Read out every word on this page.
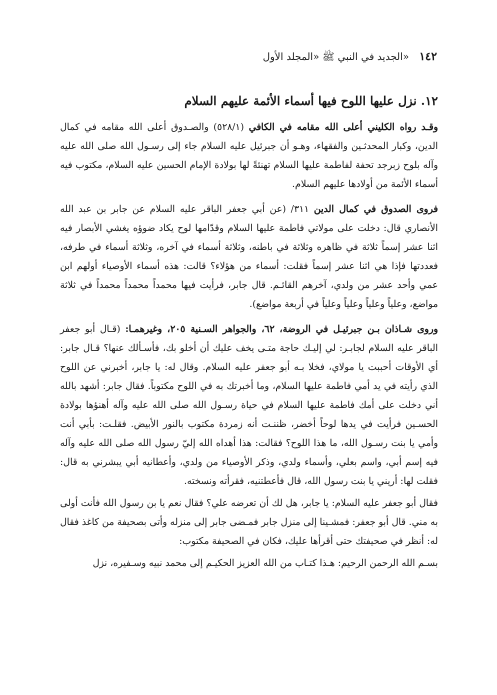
١٤٢
الجديد في النبي ﷺ «المجلد الأول»
١٢. نزل عليها اللوح فيها أسماء الأئمة عليهم السلام

وقـد رواه الكليني أعلى الله مقامه في الكافي (٥٢٨/١) والصـدوق أعلى الله مقامه في كمال الدين، وكبار المحدثـين والفقهاء، وهـو أن جبرئيل عليه السلام جاء إلى رسـول الله صلى الله عليه وآله بلوح زبرجد تحفة لفاطمة عليها السلام تهنئةً لها بولادة الإمام الحسين عليه السلام، مكتوب فيه أسماء الأئمة من أولادها عليهم السلام.

فروى الصدوق في كمال الدين ٣١١/ (عن أبي جعفر الباقر عليه السلام عن جابر بن عبد الله الأنصاري قال: دخلت على مولاتي فاطمة عليها السلام وقدّامها لوح يكاد ضوؤه يغشي الأبصار فيه اثنا عشر إسماً ثلاثة في ظاهره وثلاثة في باطنه، وثلاثة أسماء في آخره، وثلاثة أسماء في طرفه، فعددتها فإذا هي اثنا عشر إسماً فقلت: أسماء من هؤلاء؟ قالت: هذه أسماء الأوصياء أولهم ابن عمي وأحد عشر من ولدي، آخرهم القائـم. قال جابر، فرأيت فيها محمداً محمداً محمداً في ثلاثة مواضع، وعلياً وعلياً وعلياً وعلياً في أربعة مواضع).

وروى شـاذان بـن جبرئيـل في الروضة، ٦٢، والجواهر السـنية ٢٠٥، وغيرهمـا: (قـال أبو جعفر الباقر عليه السلام لجابـر: لي إليـك حاجة متـى يخف عليك أن أخلو بك، فأسـألك عنها؟ قـال جابر: أي الأوقات أحببت يا مولاي، فخلا بـه أبو جعفر عليه السلام. وقال له: يا جابر، أخبرني عن اللوح الذي رأيته في يد أمي فاطمة عليها السلام، وما أخبرتك به في اللوح مكتوباً. فقال جابر: أشهد بالله أني دخلت على أمك فاطمة عليها السلام في حياة رسـول الله صلى الله عليه وآله أهنؤها بولادة الحسـين فرأيت في يدها لوحاً أخضر، ظننـت أنه زمردة مكتوب بالنور الأبيض. فقلـت: بأبي أنت وأمي يا بنت رسـول الله، ما هذا اللوح؟ فقالت: هذا أهداه الله إليّ رسول الله صلى الله عليه وآله فيه إسم أبي، واسم بعلي، وأسماء ولدي، وذكر الأوصياء من ولدي، وأعطانيه أبي يبشرني به قال: فقلت لها: أريني يا بنت رسول الله، قال فأعطتنيه، فقرأته ونسخته.

فقال أبو جعفر عليه السلام: يا جابر، هل لك أن تعرضه علي؟ فقال نعم يا بن رسول الله فأنت أولى به مني. قال أبو جعفر: فمشـينا إلى منزل جابر فمـضى جابر إلى منزله وأتى بصحيفة من كاغذ فقال له: أنظر في صحيفتك حتى أقرأها عليك، فكان في الصحيفة مكتوب:

بسـم الله الرحمن الرحيم: هـذا كتـاب من الله العزيز الحكيـم إلى محمد نبيه وسـفيره، نزل
